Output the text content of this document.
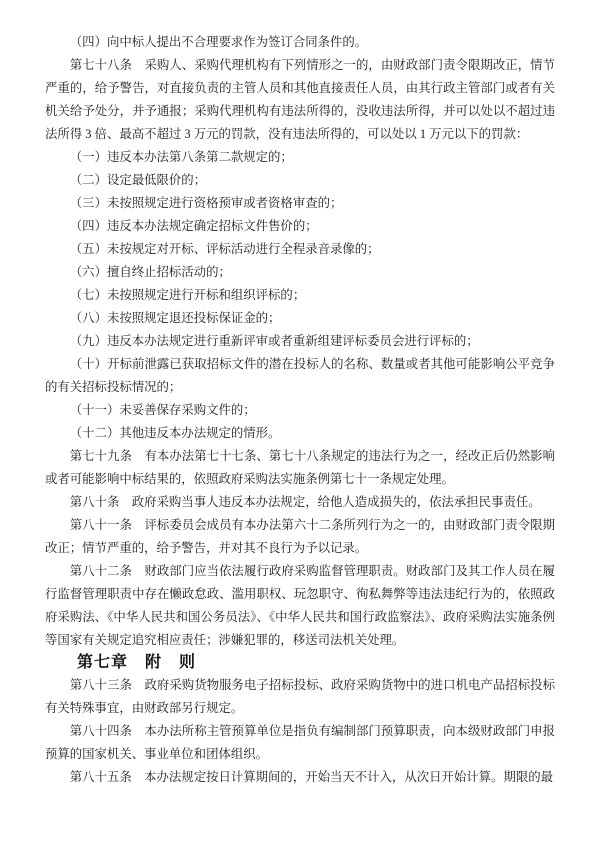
（四）向中标人提出不合理要求作为签订合同条件的。

第七十八条　采购人、采购代理机构有下列情形之一的，由财政部门责令限期改正，情节严重的，给予警告，对直接负责的主管人员和其他直接责任人员，由其行政主管部门或者有关机关给予处分，并予通报；采购代理机构有违法所得的，没收违法所得，并可以处以不超过违法所得 3 倍、最高不超过 3 万元的罚款，没有违法所得的，可以处以 1 万元以下的罚款：

（一）违反本办法第八条第二款规定的；

（二）设定最低限价的；

（三）未按照规定进行资格预审或者资格审查的；

（四）违反本办法规定确定招标文件售价的；

（五）未按规定对开标、评标活动进行全程录音录像的；

（六）擅自终止招标活动的；

（七）未按照规定进行开标和组织评标的；

（八）未按照规定退还投标保证金的；

（九）违反本办法规定进行重新评审或者重新组建评标委员会进行评标的；

（十）开标前泄露已获取招标文件的潜在投标人的名称、数量或者其他可能影响公平竞争的有关招标投标情况的；

（十一）未妥善保存采购文件的；

（十二）其他违反本办法规定的情形。

第七十九条　有本办法第七十七条、第七十八条规定的违法行为之一，经改正后仍然影响或者可能影响中标结果的，依照政府采购法实施条例第七十一条规定处理。

第八十条　政府采购当事人违反本办法规定，给他人造成损失的，依法承担民事责任。

第八十一条　评标委员会成员有本办法第六十二条所列行为之一的，由财政部门责令限期改正；情节严重的，给予警告，并对其不良行为予以记录。

第八十二条　财政部门应当依法履行政府采购监督管理职责。财政部门及其工作人员在履行监督管理职责中存在懒政怠政、滥用职权、玩忽职守、徇私舞弊等违法违纪行为的，依照政府采购法、《中华人民共和国公务员法》、《中华人民共和国行政监察法》、政府采购法实施条例等国家有关规定追究相应责任；涉嫌犯罪的，移送司法机关处理。

第七章　附　则

第八十三条　政府采购货物服务电子招标投标、政府采购货物中的进口机电产品招标投标有关特殊事宜，由财政部另行规定。

第八十四条　本办法所称主管预算单位是指负有编制部门预算职责，向本级财政部门申报预算的国家机关、事业单位和团体组织。

第八十五条　本办法规定按日计算期间的，开始当天不计入，从次日开始计算。期限的最
